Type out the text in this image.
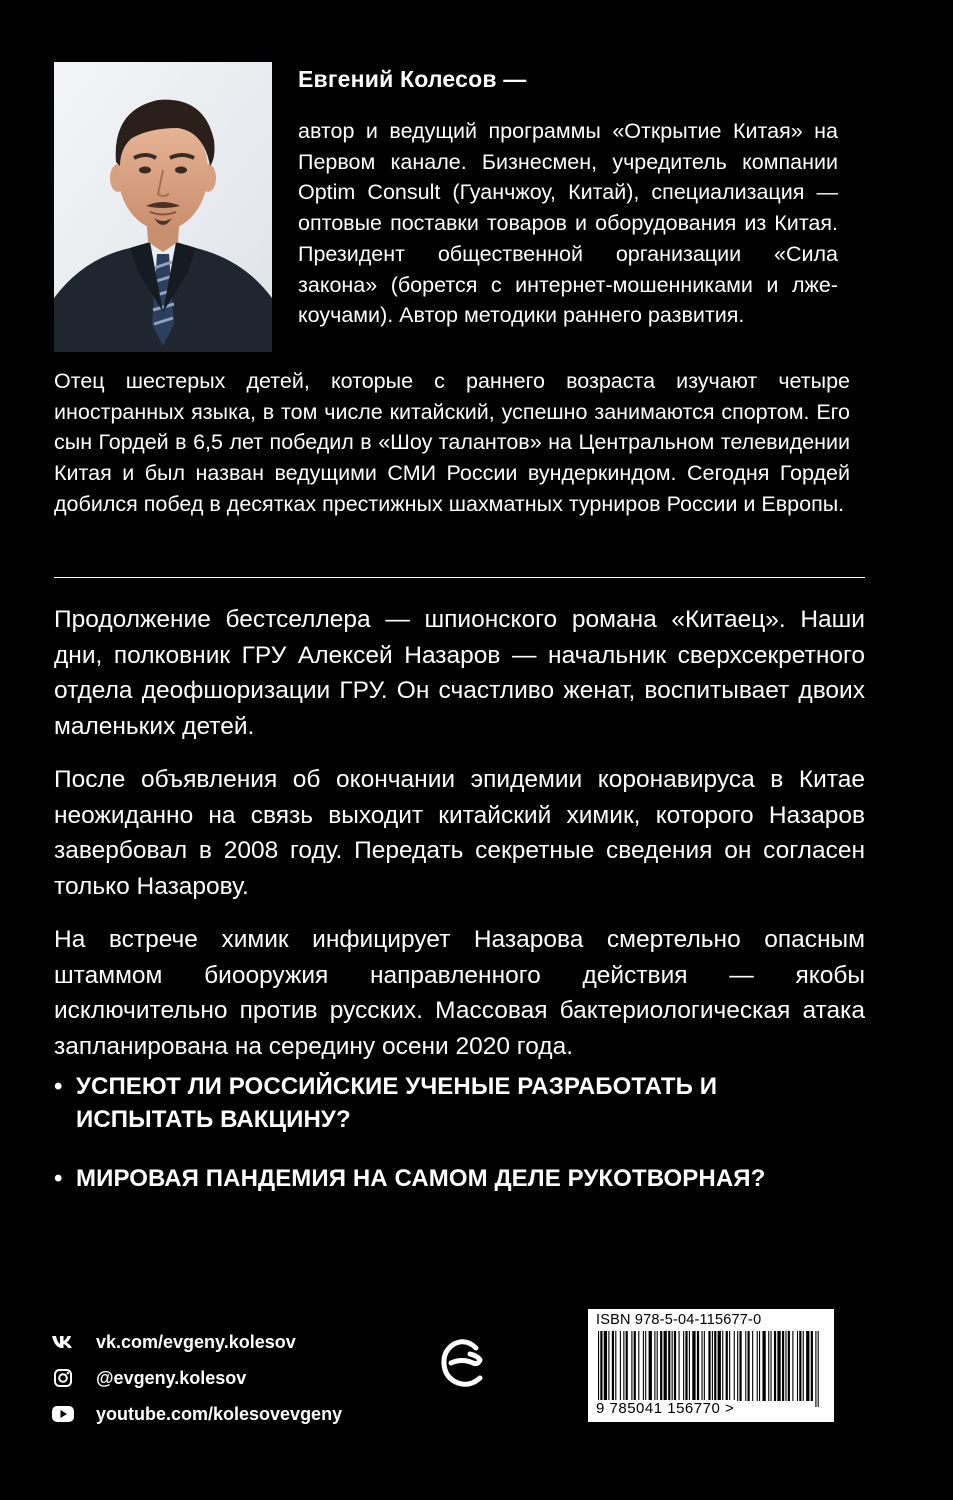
Евгений Колесов —
автор и ведущий программы «Открытие Китая» на Первом канале. Бизнесмен, учредитель компании Optim Consult (Гуанчжоу, Китай), специализация — оптовые поставки товаров и оборудования из Китая. Президент общественной организации «Сила закона» (борется с интернет-мошенниками и лже-коучами). Автор методики раннего развития.
Отец шестерых детей, которые с раннего возраста изучают четыре иностранных языка, в том числе китайский, успешно занимаются спортом. Его сын Гордей в 6,5 лет победил в «Шоу талантов» на Центральном телевидении Китая и был назван ведущими СМИ России вундеркиндом. Сегодня Гордей добился побед в десятках престижных шахматных турниров России и Европы.

Продолжение бестселлера — шпионского романа «Китаец». Наши дни, полковник ГРУ Алексей Назаров — начальник сверхсекретного отдела деофшоризации ГРУ. Он счастливо женат, воспитывает двоих маленьких детей.

После объявления об окончании эпидемии коронавируса в Китае неожиданно на связь выходит китайский химик, которого Назаров завербовал в 2008 году. Передать секретные сведения он согласен только Назарову.

На встрече химик инфицирует Назарова смертельно опасным штаммом биооружия направленного действия — якобы исключительно против русских. Массовая бактериологическая атака запланирована на середину осени 2020 года.

• УСПЕЮТ ЛИ РОССИЙСКИЕ УЧЕНЫЕ РАЗРАБОТАТЬ И ИСПЫТАТЬ ВАКЦИНУ?
• МИРОВАЯ ПАНДЕМИЯ НА САМОМ ДЕЛЕ РУКОТВОРНАЯ?
vk.com/evgeny.kolesov
@evgeny.kolesov
youtube.com/kolesovevgeny
ISBN 978-5-04-115677-0
9 785041 156770 >
